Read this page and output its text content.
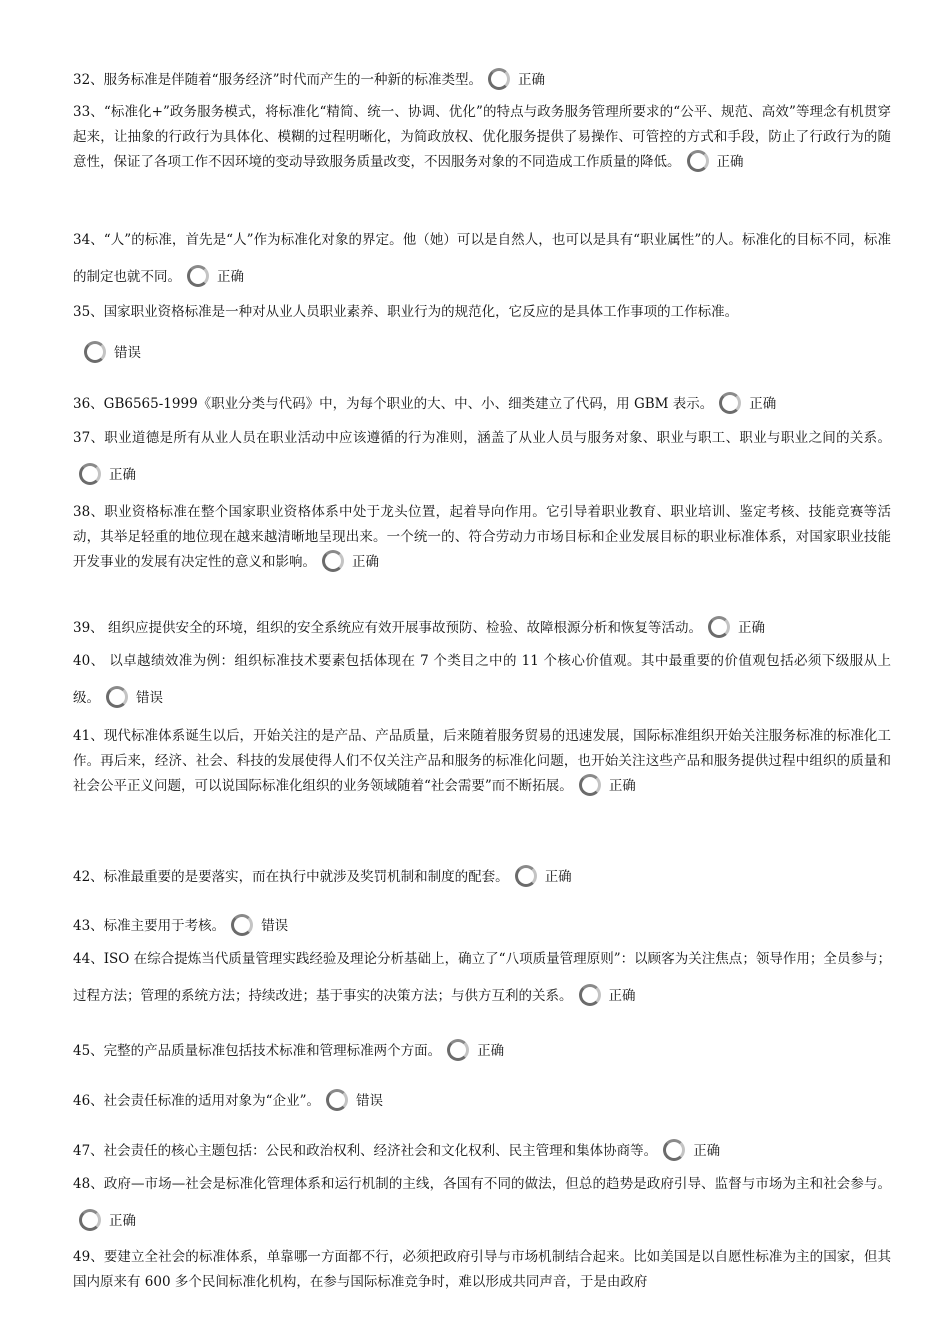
32、服务标准是伴随着“服务经济”时代而产生的一种新的标准类型。	正确
33、“标准化+”政务服务模式，将标准化“精简、统一、协调、优化”的特点与政务服务管理所要求的“公平、规范、高效”等理念有机贯穿起来，让抽象的行政行为具体化、模糊的过程明晰化，为简政放权、优化服务提供了易操作、可管控的方式和手段，防止了行政行为的随意性，保证了各项工作不因环境的变动导致服务质量改变，不因服务对象的不同造成工作质量的降低。	正确
34、“人”的标准，首先是“人”作为标准化对象的界定。他（她）可以是自然人，也可以是具有“职业属性”的人。标准化的目标不同，标准的制定也就不同。	正确
35、国家职业资格标准是一种对从业人员职业素养、职业行为的规范化，它反应的是具体工作事项的工作标准。
错误
36、GB6565-1999《职业分类与代码》中，为每个职业的大、中、小、细类建立了代码，用 GBM 表示。	正确
37、职业道德是所有从业人员在职业活动中应该遵循的行为准则，涵盖了从业人员与服务对象、职业与职工、职业与职业之间的关系。正确
38、职业资格标准在整个国家职业资格体系中处于龙头位置，起着导向作用。它引导着职业教育、职业培训、鉴定考核、技能竞赛等活动，其举足轻重的地位现在越来越清晰地呈现出来。一个统一的、符合劳动力市场目标和企业发展目标的职业标准体系，对国家职业技能开发事业的发展有决定性的意义和影响。	正确
39、 组织应提供安全的环境，组织的安全系统应有效开展事故预防、检验、故障根源分析和恢复等活动。	正确
40、 以卓越绩效准为例：组织标准技术要素包括体现在 7 个类目之中的 11 个核心价值观。其中最重要的价值观包括必须下级服从上级。	错误
41、现代标准体系诞生以后，开始关注的是产品、产品质量，后来随着服务贸易的迅速发展，国际标准组织开始关注服务标准的标准化工作。再后来，经济、社会、科技的发展使得人们不仅关注产品和服务的标准化问题，也开始关注这些产品和服务提供过程中组织的质量和社会公平正义问题，可以说国际标准化组织的业务领域随着“社会需要”而不断拓展。	正确
42、标准最重要的是要落实，而在执行中就涉及奖罚机制和制度的配套。	正确
43、标准主要用于考核。	错误
44、ISO 在综合提炼当代质量管理实践经验及理论分析基础上，确立了“八项质量管理原则”：以顾客为关注焦点；领导作用；全员参与；过程方法；管理的系统方法；持续改进；基于事实的决策方法；与供方互利的关系。	正确
45、完整的产品质量标准包括技术标准和管理标准两个方面。	正确
46、社会责任标准的适用对象为“企业”。	错误
47、社会责任的核心主题包括：公民和政治权利、经济社会和文化权利、民主管理和集体协商等。	正确
48、政府—市场—社会是标准化管理体系和运行机制的主线，各国有不同的做法，但总的趋势是政府引导、监督与市场为主和社会参与。正确
49、要建立全社会的标准体系，单靠哪一方面都不行，必须把政府引导与市场机制结合起来。比如美国是以自愿性标准为主的国家，但其国内原来有 600 多个民间标准化机构，在参与国际标准竞争时，难以形成共同声音，于是由政府
